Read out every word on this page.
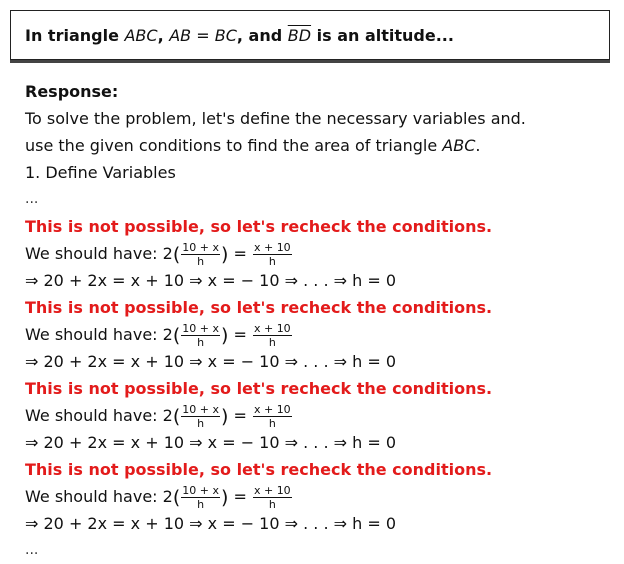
In triangle ABC, AB = BC, and $\overline{BD}$ is an altitude...
Response:
To solve the problem, let's define the necessary variables and.
use the given conditions to find the area of triangle ABC.
1. Define Variables
...
This is not possible, so let's recheck the conditions.
We should have: $2( \frac{10 + x}{h}$ ) = $\frac{x + 10}{h}$
⇒ 20 + 2x = x + 10 ⇒ x = − 10 ⇒ . . . ⇒ h = 0
This is not possible, so let's recheck the conditions.
We should have: $2( \frac{10 + x}{h}$ ) = $\frac{x + 10}{h}$
⇒ 20 + 2x = x + 10 ⇒ x = − 10 ⇒ . . . ⇒ h = 0
This is not possible, so let's recheck the conditions.
We should have: $2( \frac{10 + x}{h}$ ) = $\frac{x + 10}{h}$
⇒ 20 + 2x = x + 10 ⇒ x = − 10 ⇒ . . . ⇒ h = 0
This is not possible, so let's recheck the conditions.
We should have: $2( \frac{10 + x}{h}$ ) = $\frac{x + 10}{h}$
⇒ 20 + 2x = x + 10 ⇒ x = − 10 ⇒ . . . ⇒ h = 0
...
